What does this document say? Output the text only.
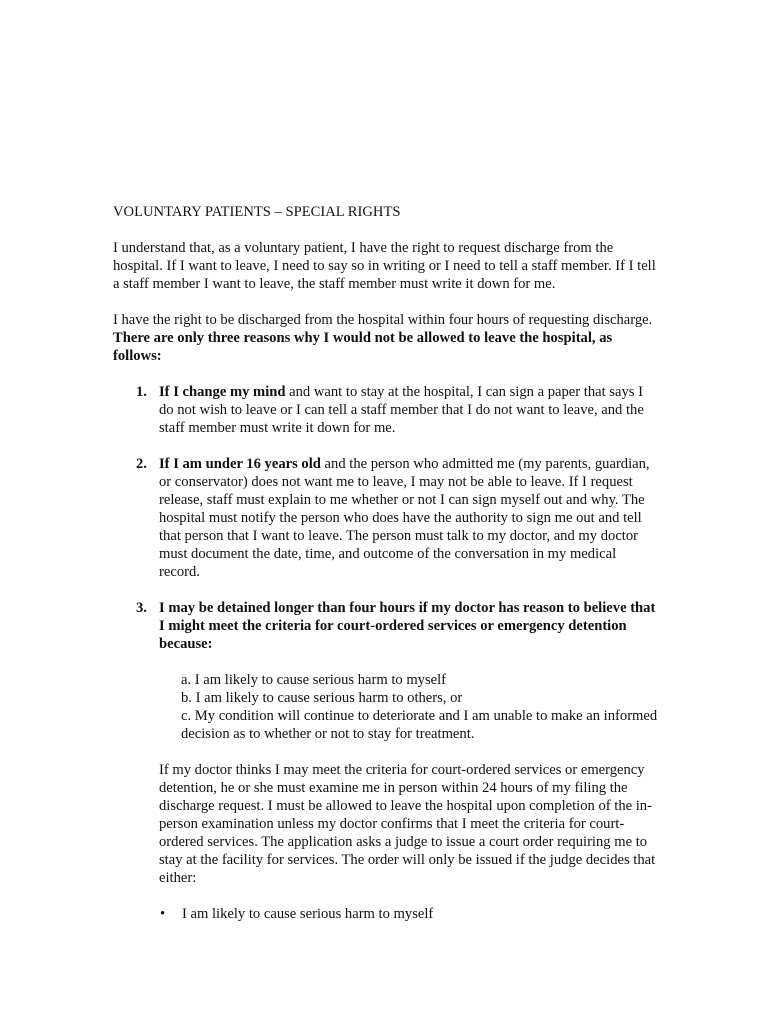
VOLUNTARY PATIENTS – SPECIAL RIGHTS

I understand that, as a voluntary patient, I have the right to request discharge from the hospital. If I want to leave, I need to say so in writing or I need to tell a staff member. If I tell a staff member I want to leave, the staff member must write it down for me.

I have the right to be discharged from the hospital within four hours of requesting discharge. There are only three reasons why I would not be allowed to leave the hospital, as follows:

1. If I change my mind and want to stay at the hospital, I can sign a paper that says I do not wish to leave or I can tell a staff member that I do not want to leave, and the staff member must write it down for me.
2. If I am under 16 years old and the person who admitted me (my parents, guardian, or conservator) does not want me to leave, I may not be able to leave. If I request release, staff must explain to me whether or not I can sign myself out and why. The hospital must notify the person who does have the authority to sign me out and tell that person that I want to leave. The person must talk to my doctor, and my doctor must document the date, time, and outcome of the conversation in my medical record.
3. I may be detained longer than four hours if my doctor has reason to believe that I might meet the criteria for court-ordered services or emergency detention because:
a. I am likely to cause serious harm to myself
b. I am likely to cause serious harm to others, or
c. My condition will continue to deteriorate and I am unable to make an informed decision as to whether or not to stay for treatment.

If my doctor thinks I may meet the criteria for court-ordered services or emergency detention, he or she must examine me in person within 24 hours of my filing the discharge request. I must be allowed to leave the hospital upon completion of the in-person examination unless my doctor confirms that I meet the criteria for court-ordered services. The application asks a judge to issue a court order requiring me to stay at the facility for services. The order will only be issued if the judge decides that either:

• I am likely to cause serious harm to myself
